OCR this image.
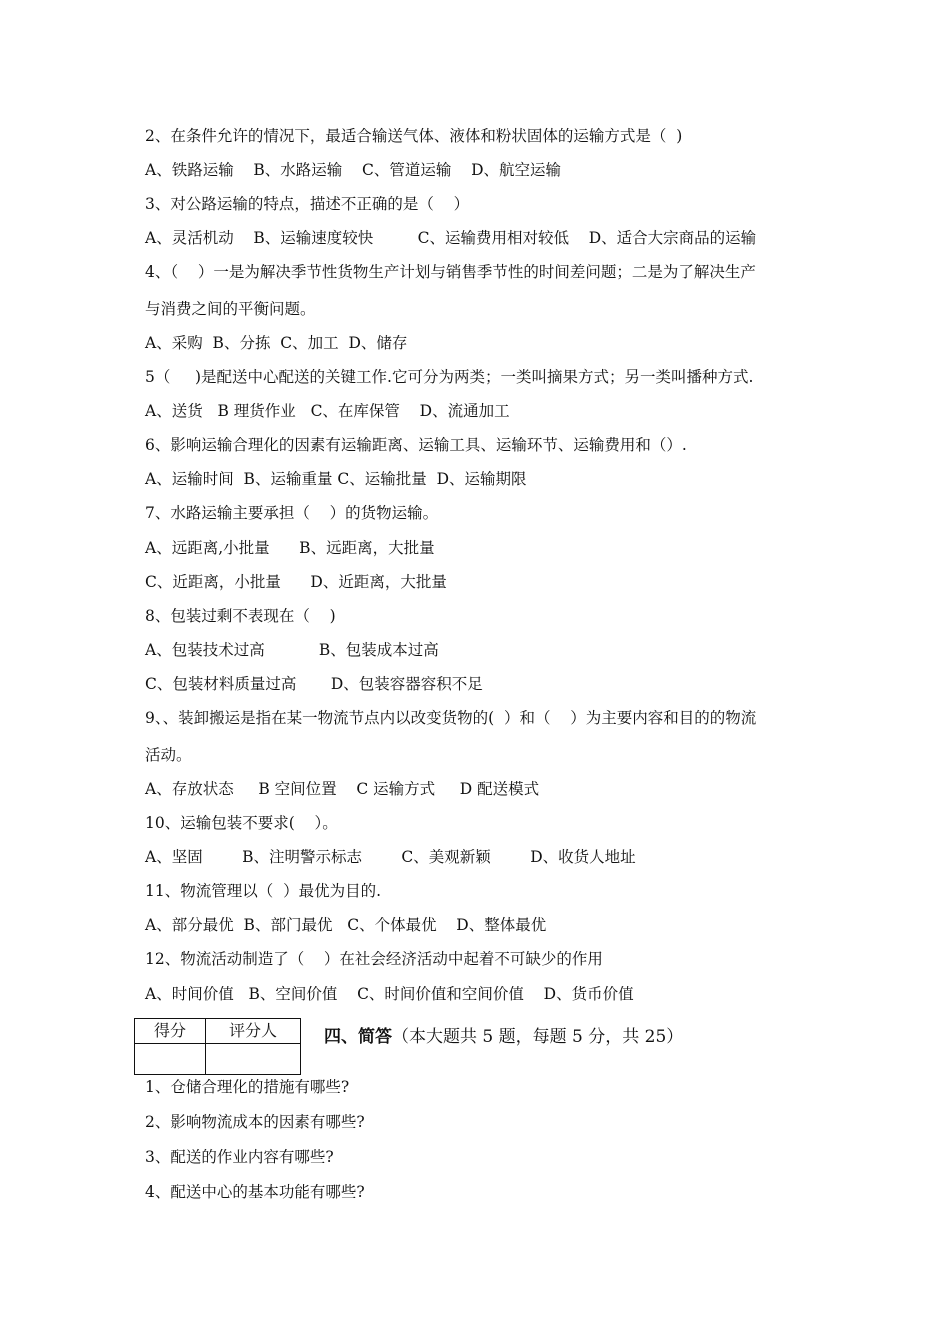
2、在条件允许的情况下，最适合输送气体、液体和粉状固体的运输方式是（  )
A、铁路运输    B、水路运输    C、管道运输    D、航空运输
3、对公路运输的特点，描述不正确的是（    ）
A、灵活机动    B、运输速度较快         C、运输费用相对较低    D、适合大宗商品的运输
4、（    ）一是为解决季节性货物生产计划与销售季节性的时间差问题；二是为了解决生产
与消费之间的平衡问题。
A、采购  B、分拣  C、加工  D、储存
5（     )是配送中心配送的关键工作.它可分为两类；一类叫摘果方式；另一类叫播种方式.
A、送货   B 理货作业   C、在库保管    D、流通加工
6、影响运输合理化的因素有运输距离、运输工具、运输环节、运输费用和（）.
A、运输时间  B、运输重量 C、运输批量  D、运输期限
7、水路运输主要承担（    ）的货物运输。
A、远距离,小批量      B、远距离，大批量
C、近距离，小批量      D、近距离，大批量
8、包装过剩不表现在（    )
A、包装技术过高           B、包装成本过高
C、包装材料质量过高       D、包装容器容积不足
9、、装卸搬运是指在某一物流节点内以改变货物的(  ）和（    ）为主要内容和目的的物流
活动。
A、存放状态     B 空间位置    C 运输方式     D 配送模式
10、运输包装不要求(    ）。
A、坚固        B、注明警示标志        C、美观新颖        D、收货人地址
11、物流管理以（  ）最优为目的.
A、部分最优  B、部门最优   C、个体最优    D、整体最优
12、物流活动制造了（    ）在社会经济活动中起着不可缺少的作用
A、时间价值   B、空间价值    C、时间价值和空间价值    D、货币价值
得分	评分人
		四、简答（本大题共 5 题，每题 5 分，共 25）
1、仓储合理化的措施有哪些?
2、影响物流成本的因素有哪些?
3、配送的作业内容有哪些?
4、配送中心的基本功能有哪些?
